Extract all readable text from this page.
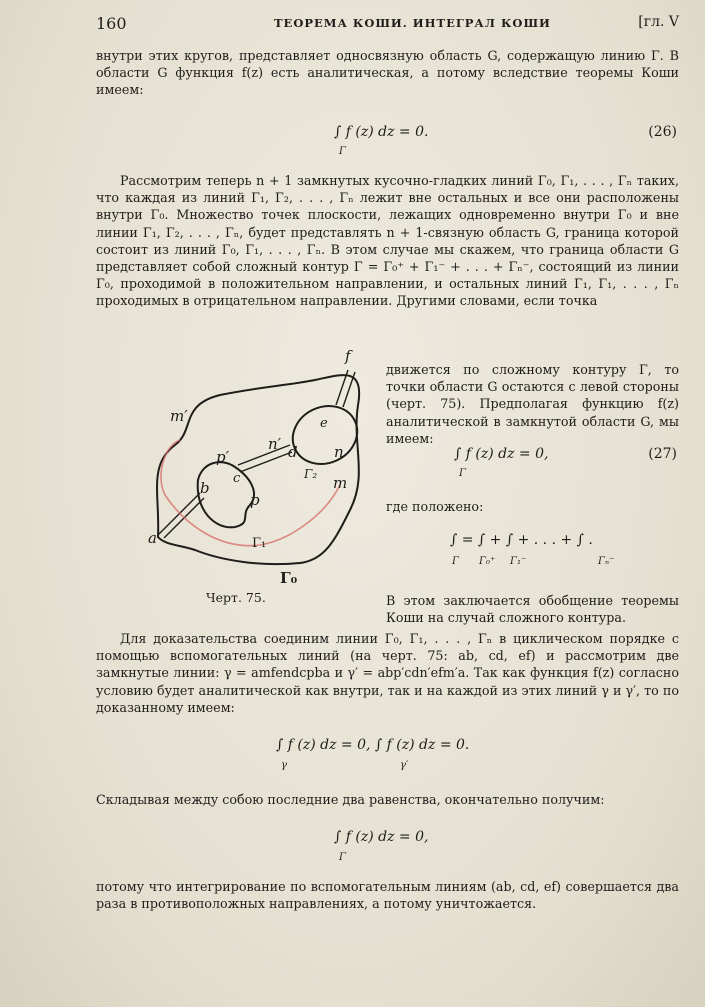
160	ТЕОРЕМА КОШИ. ИНТЕГРАЛ КОШИ	[гл. V
внутри этих кругов, представляет односвязную область G, содержащую линию Γ. В области G функция f(z) есть аналитическая, а потому вследствие теоремы Коши имеем:
∫ f (z) dz = 0.
Γ
(26)
Рассмотрим теперь n + 1 замкнутых кусочно-гладких линий Γ₀, Γ₁, . . . , Γₙ таких, что каждая из линий Γ₁, Γ₂, . . . , Γₙ лежит вне остальных и все они расположены внутри Γ₀. Множество точек плоскости, лежащих одновременно внутри Γ₀ и вне линии Γ₁, Γ₂, . . . , Γₙ, будет представлять n + 1-связную область G, граница которой состоит из линий Γ₀, Γ₁, . . . , Γₙ. В этом случае мы скажем, что граница области G представляет собой сложный контур Γ = Γ₀⁺ + Γ₁⁻ + . . . + Γₙ⁻, состоящий из линии Γ₀, проходимой в положительном направлении, и остальных линий Γ₁, Γ₁, . . . , Γₙ проходимых в отрицательном направлении. Другими словами, если точка
движется по сложному контуру Γ, то точки области G остаются с левой стороны (черт. 75). Предполагая функцию f(z) аналитической в замкнутой области G, мы имеем:
∫ f (z) dz = 0,
Γ
(27)
где положено:
∫ = ∫ + ∫ + . . . + ∫ .
Γ Γ₀⁺ Γ₁⁻	Γₙ⁻
f
m′	e
n′ d n
p′
c	Γ₂ m
b
p
a	Γ₁
Γ₀
Черт. 75.	В этом заключается обобщение теоремы Коши на случай сложного контура.
Для доказательства соединим линии Γ₀, Γ₁, . . . , Γₙ в циклическом порядке с помощью вспомогательных линий (на черт. 75: ab, cd, ef) и рассмотрим две замкнутые линии: γ = amfendcpba и γ′ = abp′cdn′efm′a. Так как функция f(z) согласно условию будет аналитической как внутри, так и на каждой из этих линий γ и γ′, то по доказанному имеем:
∫ f (z) dz = 0, ∫ f (z) dz = 0.
γ	γ′
Складывая между собою последние два равенства, окончательно получим:
∫ f (z) dz = 0,
Γ
потому что интегрирование по вспомогательным линиям (ab, cd, ef) совершается два раза в противоположных направлениях, а потому уничтожается.
